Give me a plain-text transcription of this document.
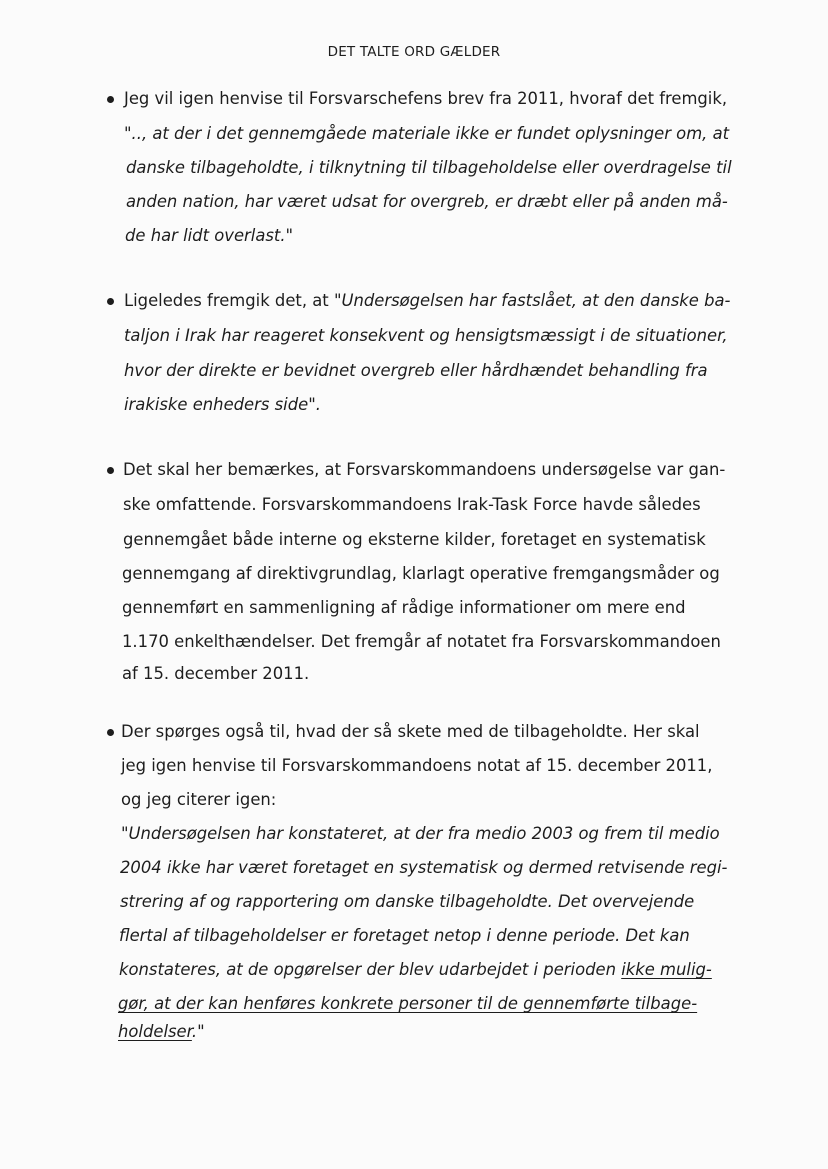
DET TALTE ORD GÆLDER
Jeg vil igen henvise til Forsvarschefens brev fra 2011, hvoraf det fremgik,
".., at der i det gennemgåede materiale ikke er fundet oplysninger om, at
danske tilbageholdte, i tilknytning til tilbageholdelse eller overdragelse til
anden nation, har været udsat for overgreb, er dræbt eller på anden må-
de har lidt overlast."
Ligeledes fremgik det, at "Undersøgelsen har fastslået, at den danske ba-
taljon i Irak har reageret konsekvent og hensigtsmæssigt i de situationer,
hvor der direkte er bevidnet overgreb eller hårdhændet behandling fra
irakiske enheders side".
Det skal her bemærkes, at Forsvarskommandoens undersøgelse var gan-
ske omfattende. Forsvarskommandoens Irak-Task Force havde således
gennemgået både interne og eksterne kilder, foretaget en systematisk
gennemgang af direktivgrundlag, klarlagt operative fremgangsmåder og
gennemført en sammenligning af rådige informationer om mere end
1.170 enkelthændelser. Det fremgår af notatet fra Forsvarskommandoen
af 15. december 2011.
Der spørges også til, hvad der så skete med de tilbageholdte. Her skal
jeg igen henvise til Forsvarskommandoens notat af 15. december 2011,
og jeg citerer igen:
"Undersøgelsen har konstateret, at der fra medio 2003 og frem til medio
2004 ikke har været foretaget en systematisk og dermed retvisende regi-
strering af og rapportering om danske tilbageholdte. Det overvejende
flertal af tilbageholdelser er foretaget netop i denne periode. Det kan
konstateres, at de opgørelser der blev udarbejdet i perioden ikke mulig-
gør, at der kan henføres konkrete personer til de gennemførte tilbage-
holdelser."
